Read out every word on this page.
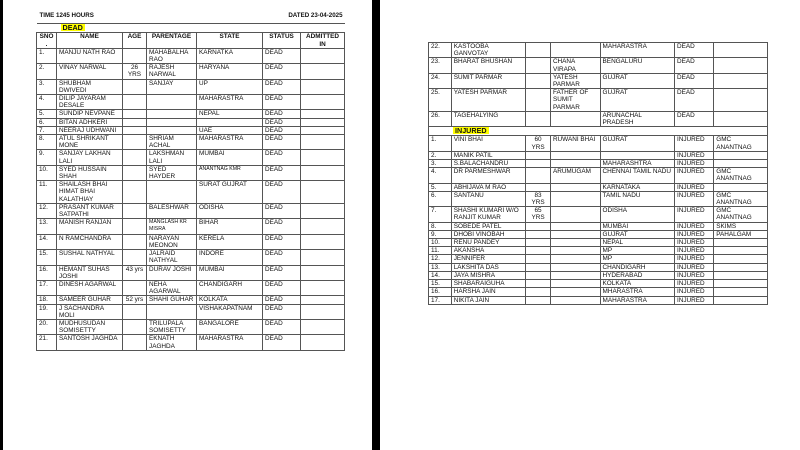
TIME 1245 HOURS				DATED 23-04-2025		
DEAD						
SNO.	NAME	AGE	PARENTAGE	STATE	STATUS	ADMITTED IN
1.	MANJU NATH RAO		MAHABALHA RAO	KARNATKA	DEAD	
2.	VINAY NARWAL	26 YRS	RAJESH NARWAL	HARYANA	DEAD	
3.	SHUBHAM DWIVEDI		SANJAY	UP	DEAD	
4.	DILIP JAYARAM DESALE			MAHARASTRA	DEAD	
5.	SUNDIP NEVPANE			NEPAL	DEAD	
6.	BITAN ADHKERI				DEAD	
7.	NEERAJ UDHWANI			UAE	DEAD	
8.	ATUL SHRIKANT MONE		SHRIAM ACHAL	MAHARASTRA	DEAD	
9.	SANJAY LAKHAN LALI		LAKSHMAN LALI	MUMBAI	DEAD	
10.	SYED HUSSAIN SHAH		SYED HAYDER	ANANTNAG KMR	DEAD	
11.	SHAILASH BHAI HIMAT BHAI KALATHIAY			SURAT GUJRAT	DEAD	
12.	PRASANT KUMAR SATPATHI		BALESHWAR	ODISHA	DEAD	
13.	MANISH RANJAN		MANGLASH KR MISRA	BIHAR	DEAD	
14.	N RAMCHANDRA		NARAYAN MEONON	KERELA	DEAD	
15.	SUSHAL NATHYAL		JALRAID NATHYAL	INDORE	DEAD	
16.	HEMANT SUHAS JOSHI	43 yrs	DURAV JOSHI	MUMBAI	DEAD	
17.	DINESH AGARWAL		NEHA AGARWAL	CHANDIGARH	DEAD	
18.	SAMEER GUHAR	52 yrs	SHAHI GUHAR	KOLKATA	DEAD	
19.	J SACHANDRA MOLI			VISHAKAPATNAM	DEAD	
20.	MUDHUSUDAN SOMISETTY		TRILUPALA SOMISETTY	BANGALORE	DEAD	
21.	SANTOSH JAGHDA		EKNATH JAGHDA	MAHARASTRA	DEAD	
22.	KASTOOBA GANVOTAY			MAHARASTRA	DEAD	
23.	BHARAT BHUSHAN		CHANA VIRAPA	BENGALURU	DEAD	
24.	SUMIT PARMAR		YATESH PARMAR	GUJRAT	DEAD	
25.	YATESH PARMAR		FATHER OF SUMIT PARMAR	GUJRAT	DEAD	
26.	TAGEHALYING			ARUNACHAL PRADESH	DEAD	
INJURED						
1.	VINI BHAI	60 YRS	RUWANI BHAI	GUJRAT	INJURED	GMC ANANTNAG
2.	MANIK PATIL				INJURED	
3.	S.BALACHANDRU			MAHARASHTRA	INJURED	
4.	DR PARMESHWAR		ARUMUGAM	CHENNAI TAMIL NADU	INJURED	GMC ANANTNAG
5.	ABHIJAVA M RAO			KARNATAKA	INJURED	
6.	SANTANU	83 YRS		TAMIL NADU	INJURED	GMC ANANTNAG
7.	SHASHI KUMARI W/O RANJIT KUMAR	65 YRS		ODISHA	INJURED	GMC ANANTNAG
8.	SOBEDE PATEL			MUMBAI	INJURED	SKIMS
9.	DHOBI VINOBAH			GUJRAT	INJURED	PAHALGAM
10.	RENU PANDEY			NEPAL	INJURED	
11.	AKANSHA			MP	INJURED	
12.	JENNIFER			MP	INJURED	
13.	LAKSHITA DAS			CHANDIGARH	INJURED	
14.	JAYA MISHRA			HYDERABAD	INJURED	
15.	SHABARAIGUHA			KOLKATA	INJURED	
16.	HARSHA JAIN			MHARASTRA	INJURED	
17.	NIKITA JAIN			MAHARASTRA	INJURED	
